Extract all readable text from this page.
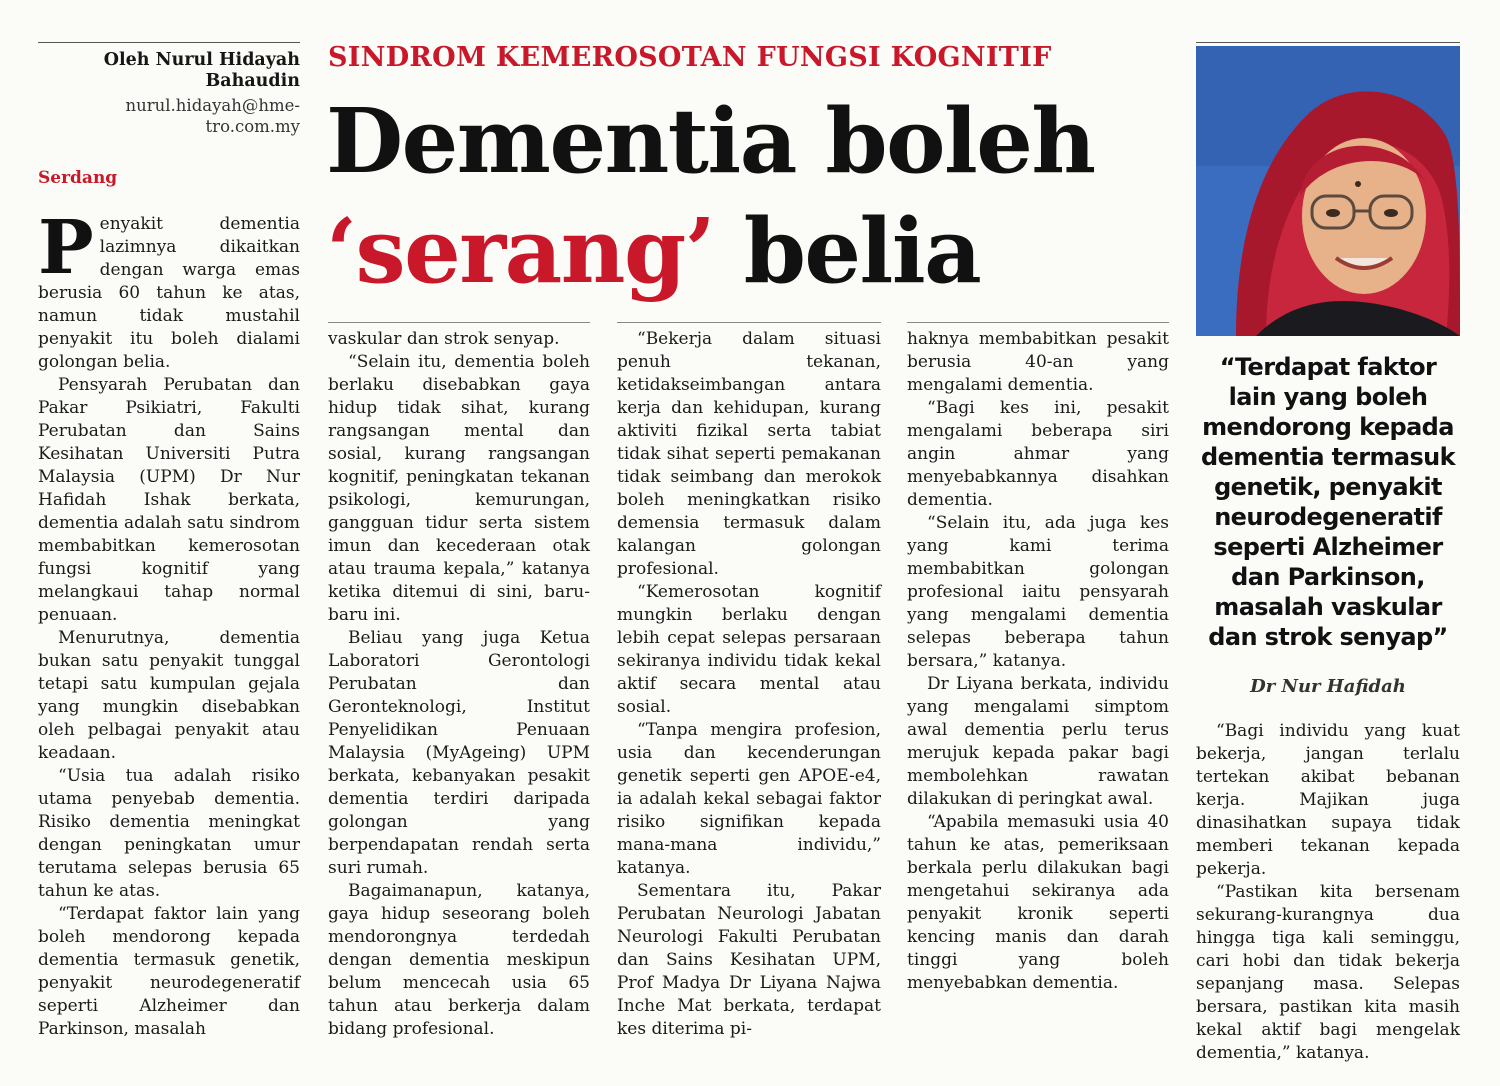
Oleh Nurul Hidayah
Bahaudin
nurul.hidayah@hme-
tro.com.my
Serdang
SINDROM KEMEROSOTAN FUNGSI KOGNITIF
Dementia boleh
‘serang’ belia

Penyakit dementia lazimnya dikaitkan dengan warga emas berusia 60 tahun ke atas, namun tidak mustahil penyakit itu boleh dialami golongan belia.

Pensyarah Perubatan dan Pakar Psikiatri, Fakulti Perubatan dan Sains Kesihatan Universiti Putra Malaysia (UPM) Dr Nur Hafidah Ishak berkata, dementia adalah satu sindrom membabitkan kemerosotan fungsi kognitif yang melangkaui tahap normal penuaan.

Menurutnya, dementia bukan satu penyakit tunggal tetapi satu kumpulan gejala yang mungkin disebabkan oleh pelbagai penyakit atau keadaan.

“Usia tua adalah risiko utama penyebab dementia. Risiko dementia meningkat dengan peningkatan umur terutama selepas berusia 65 tahun ke atas.

“Terdapat faktor lain yang boleh mendorong kepada dementia termasuk genetik, penyakit neurodegeneratif seperti Alzheimer dan Parkinson, masalah

vaskular dan strok senyap.

“Selain itu, dementia boleh berlaku disebabkan gaya hidup tidak sihat, kurang rangsangan mental dan sosial, kurang rangsangan kognitif, peningkatan tekanan psikologi, kemurungan, gangguan tidur serta sistem imun dan kecederaan otak atau trauma kepala,” katanya ketika ditemui di sini, baru-baru ini.

Beliau yang juga Ketua Laboratori Gerontologi Perubatan dan Geronteknologi, Institut Penyelidikan Penuaan Malaysia (MyAgeing) UPM berkata, kebanyakan pesakit dementia terdiri daripada golongan yang berpendapatan rendah serta suri rumah.

Bagaimanapun, katanya, gaya hidup seseorang boleh mendorongnya terdedah dengan dementia meskipun belum mencecah usia 65 tahun atau berkerja dalam bidang profesional.

“Bekerja dalam situasi penuh tekanan, ketidakseimbangan antara kerja dan kehidupan, kurang aktiviti fizikal serta tabiat tidak sihat seperti pemakanan tidak seimbang dan merokok boleh meningkatkan risiko demensia termasuk dalam kalangan golongan profesional.

“Kemerosotan kognitif mungkin berlaku dengan lebih cepat selepas persaraan sekiranya individu tidak kekal aktif secara mental atau sosial.

“Tanpa mengira profesion, usia dan kecenderungan genetik seperti gen APOE-e4, ia adalah kekal sebagai faktor risiko signifikan kepada mana-mana individu,” katanya.

Sementara itu, Pakar Perubatan Neurologi Jabatan Neurologi Fakulti Perubatan dan Sains Kesihatan UPM, Prof Madya Dr Liyana Najwa Inche Mat berkata, terdapat kes diterima pi-

haknya membabitkan pesakit berusia 40-an yang mengalami dementia.

“Bagi kes ini, pesakit mengalami beberapa siri angin ahmar yang menyebabkannya disahkan dementia.

“Selain itu, ada juga kes yang kami terima membabitkan golongan profesional iaitu pensyarah yang mengalami dementia selepas beberapa tahun bersara,” katanya.

Dr Liyana berkata, individu yang mengalami simptom awal dementia perlu terus merujuk kepada pakar bagi membolehkan rawatan dilakukan di peringkat awal.

“Apabila memasuki usia 40 tahun ke atas, pemeriksaan berkala perlu dilakukan bagi mengetahui sekiranya ada penyakit kronik seperti kencing manis dan darah tinggi yang boleh menyebabkan dementia.

“Terdapat faktor lain yang boleh mendorong kepada dementia termasuk genetik, penyakit neurodegeneratif seperti Alzheimer dan Parkinson, masalah vaskular dan strok senyap”
Dr Nur Hafidah

“Bagi individu yang kuat bekerja, jangan terlalu tertekan akibat bebanan kerja. Majikan juga dinasihatkan supaya tidak memberi tekanan kepada pekerja.

“Pastikan kita bersenam sekurang-kurangnya dua hingga tiga kali seminggu, cari hobi dan tidak bekerja sepanjang masa. Selepas bersara, pastikan kita masih kekal aktif bagi mengelak dementia,” katanya.
